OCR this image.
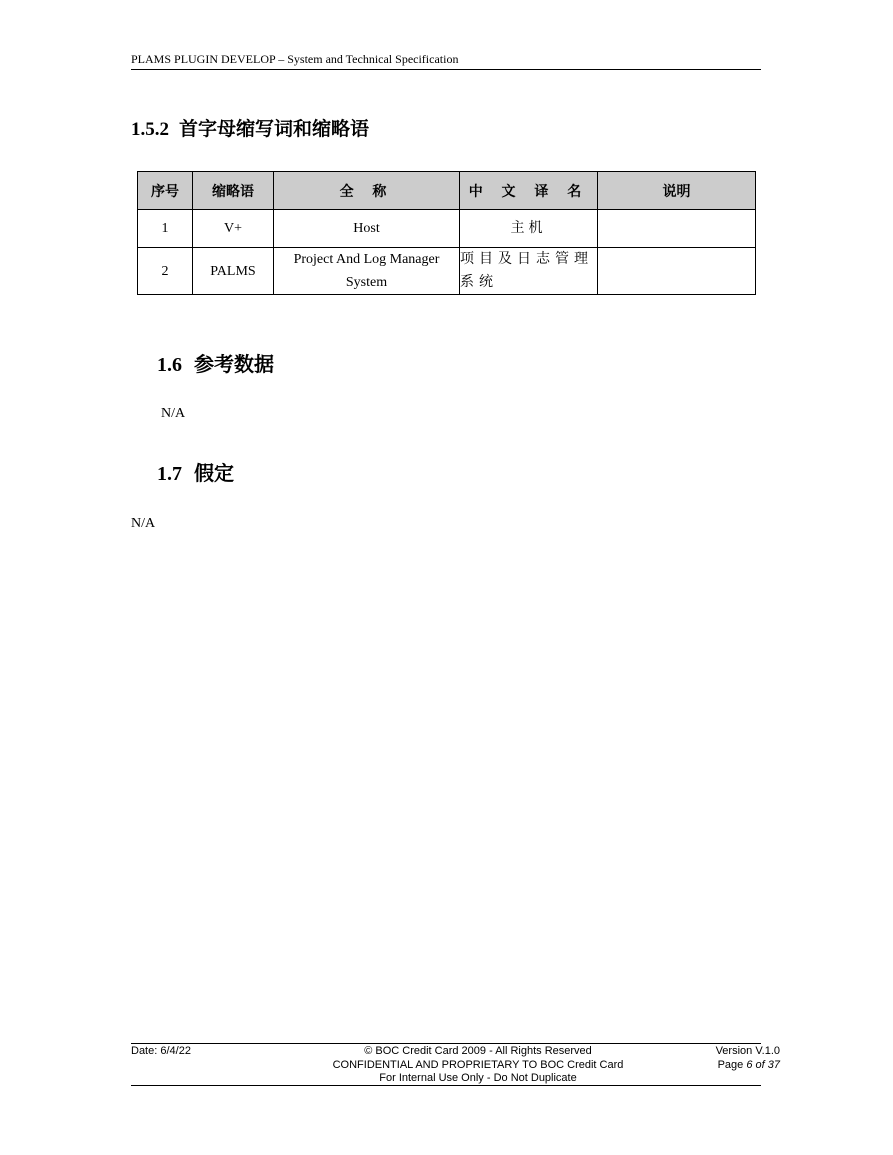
PLAMS PLUGIN DEVELOP – System and Technical Specification
1.5.2 首字母缩写词和缩略语
序号	缩略语	全 称	中 文 译 名	说明
1	V+	Host	主机	
2	PALMS	Project And Log Manager System	项目及日志管理系统	
1.6 参考数据
N/A
1.7 假定
N/A
Date: 6/4/22	© BOC Credit Card 2009 - All Rights Reserved
CONFIDENTIAL AND PROPRIETARY TO BOC Credit Card
For Internal Use Only - Do Not Duplicate
Version V.1.0
Page 6 of 37
